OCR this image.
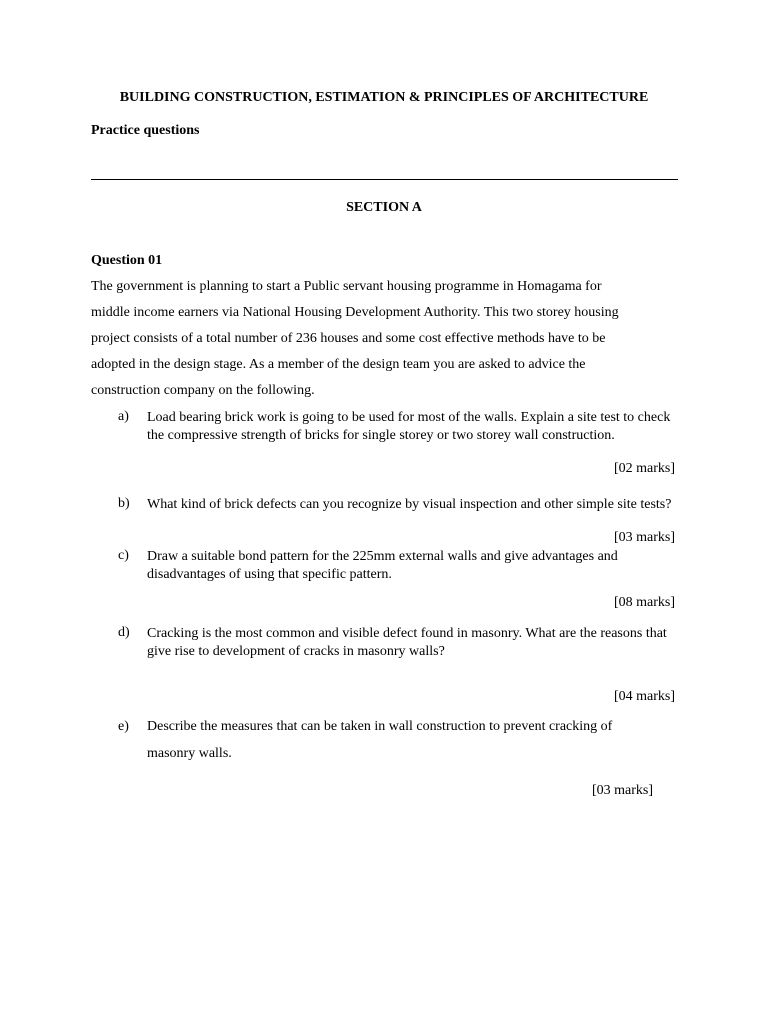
BUILDING CONSTRUCTION, ESTIMATION & PRINCIPLES OF ARCHITECTURE
Practice questions
SECTION A
Question 01
The government is planning to start a Public servant housing programme in Homagama for
middle income earners via National Housing Development Authority. This two storey housing
project consists of a total number of 236 houses and some cost effective methods have to be
adopted in the design stage. As a member of the design team you are asked to advice the
construction company on the following.
a) Load bearing brick work is going to be used for most of the walls. Explain a site test to check the compressive strength of bricks for single storey or two storey wall construction.
[02 marks]
b) What kind of brick defects can you recognize by visual inspection and other simple site tests?
[03 marks]
c) Draw a suitable bond pattern for the 225mm external walls and give advantages and disadvantages of using that specific pattern.
[08 marks]
d) Cracking is the most common and visible defect found in masonry. What are the reasons that give rise to development of cracks in masonry walls?
[04 marks]
e) Describe the measures that can be taken in wall construction to prevent cracking of
masonry walls.
[03 marks]
